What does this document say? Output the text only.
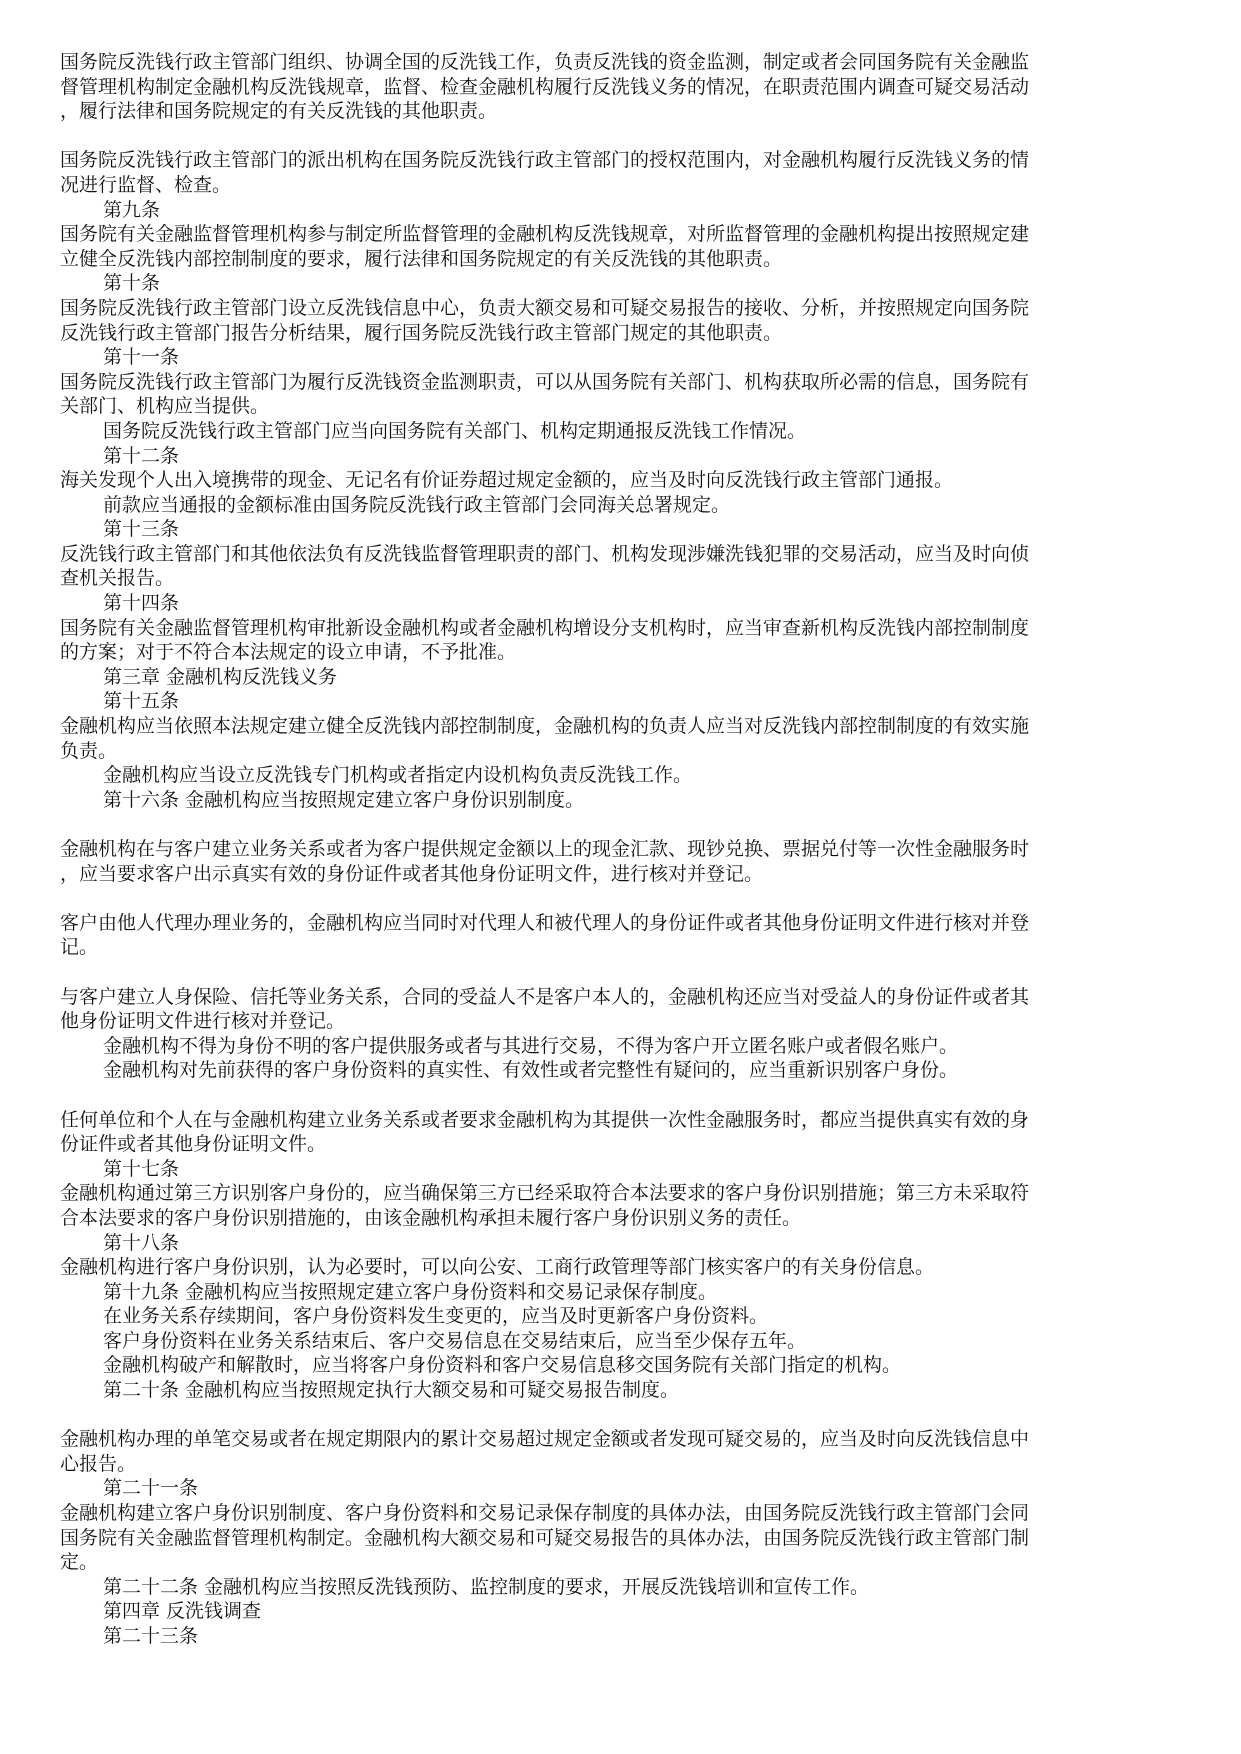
国务院反洗钱行政主管部门组织、协调全国的反洗钱工作，负责反洗钱的资金监测，制定或者会同国务院有关金融监
督管理机构制定金融机构反洗钱规章，监督、检查金融机构履行反洗钱义务的情况，在职责范围内调查可疑交易活动
，履行法律和国务院规定的有关反洗钱的其他职责。
国务院反洗钱行政主管部门的派出机构在国务院反洗钱行政主管部门的授权范围内，对金融机构履行反洗钱义务的情
况进行监督、检查。
第九条
国务院有关金融监督管理机构参与制定所监督管理的金融机构反洗钱规章，对所监督管理的金融机构提出按照规定建
立健全反洗钱内部控制制度的要求，履行法律和国务院规定的有关反洗钱的其他职责。
第十条
国务院反洗钱行政主管部门设立反洗钱信息中心，负责大额交易和可疑交易报告的接收、分析，并按照规定向国务院
反洗钱行政主管部门报告分析结果，履行国务院反洗钱行政主管部门规定的其他职责。
第十一条
国务院反洗钱行政主管部门为履行反洗钱资金监测职责，可以从国务院有关部门、机构获取所必需的信息，国务院有
关部门、机构应当提供。
国务院反洗钱行政主管部门应当向国务院有关部门、机构定期通报反洗钱工作情况。
第十二条
海关发现个人出入境携带的现金、无记名有价证券超过规定金额的，应当及时向反洗钱行政主管部门通报。
前款应当通报的金额标准由国务院反洗钱行政主管部门会同海关总署规定。
第十三条
反洗钱行政主管部门和其他依法负有反洗钱监督管理职责的部门、机构发现涉嫌洗钱犯罪的交易活动，应当及时向侦
查机关报告。
第十四条
国务院有关金融监督管理机构审批新设金融机构或者金融机构增设分支机构时，应当审查新机构反洗钱内部控制制度
的方案；对于不符合本法规定的设立申请，不予批准。
第三章 金融机构反洗钱义务
第十五条
金融机构应当依照本法规定建立健全反洗钱内部控制制度，金融机构的负责人应当对反洗钱内部控制制度的有效实施
负责。
金融机构应当设立反洗钱专门机构或者指定内设机构负责反洗钱工作。
第十六条 金融机构应当按照规定建立客户身份识别制度。
金融机构在与客户建立业务关系或者为客户提供规定金额以上的现金汇款、现钞兑换、票据兑付等一次性金融服务时
，应当要求客户出示真实有效的身份证件或者其他身份证明文件，进行核对并登记。
客户由他人代理办理业务的，金融机构应当同时对代理人和被代理人的身份证件或者其他身份证明文件进行核对并登
记。
与客户建立人身保险、信托等业务关系，合同的受益人不是客户本人的，金融机构还应当对受益人的身份证件或者其
他身份证明文件进行核对并登记。
金融机构不得为身份不明的客户提供服务或者与其进行交易，不得为客户开立匿名账户或者假名账户。
金融机构对先前获得的客户身份资料的真实性、有效性或者完整性有疑问的，应当重新识别客户身份。
任何单位和个人在与金融机构建立业务关系或者要求金融机构为其提供一次性金融服务时，都应当提供真实有效的身
份证件或者其他身份证明文件。
第十七条
金融机构通过第三方识别客户身份的，应当确保第三方已经采取符合本法要求的客户身份识别措施；第三方未采取符
合本法要求的客户身份识别措施的，由该金融机构承担未履行客户身份识别义务的责任。
第十八条
金融机构进行客户身份识别，认为必要时，可以向公安、工商行政管理等部门核实客户的有关身份信息。
第十九条 金融机构应当按照规定建立客户身份资料和交易记录保存制度。
在业务关系存续期间，客户身份资料发生变更的，应当及时更新客户身份资料。
客户身份资料在业务关系结束后、客户交易信息在交易结束后，应当至少保存五年。
金融机构破产和解散时，应当将客户身份资料和客户交易信息移交国务院有关部门指定的机构。
第二十条 金融机构应当按照规定执行大额交易和可疑交易报告制度。
金融机构办理的单笔交易或者在规定期限内的累计交易超过规定金额或者发现可疑交易的，应当及时向反洗钱信息中
心报告。
第二十一条
金融机构建立客户身份识别制度、客户身份资料和交易记录保存制度的具体办法，由国务院反洗钱行政主管部门会同
国务院有关金融监督管理机构制定。金融机构大额交易和可疑交易报告的具体办法，由国务院反洗钱行政主管部门制
定。
第二十二条 金融机构应当按照反洗钱预防、监控制度的要求，开展反洗钱培训和宣传工作。
第四章 反洗钱调查
第二十三条
